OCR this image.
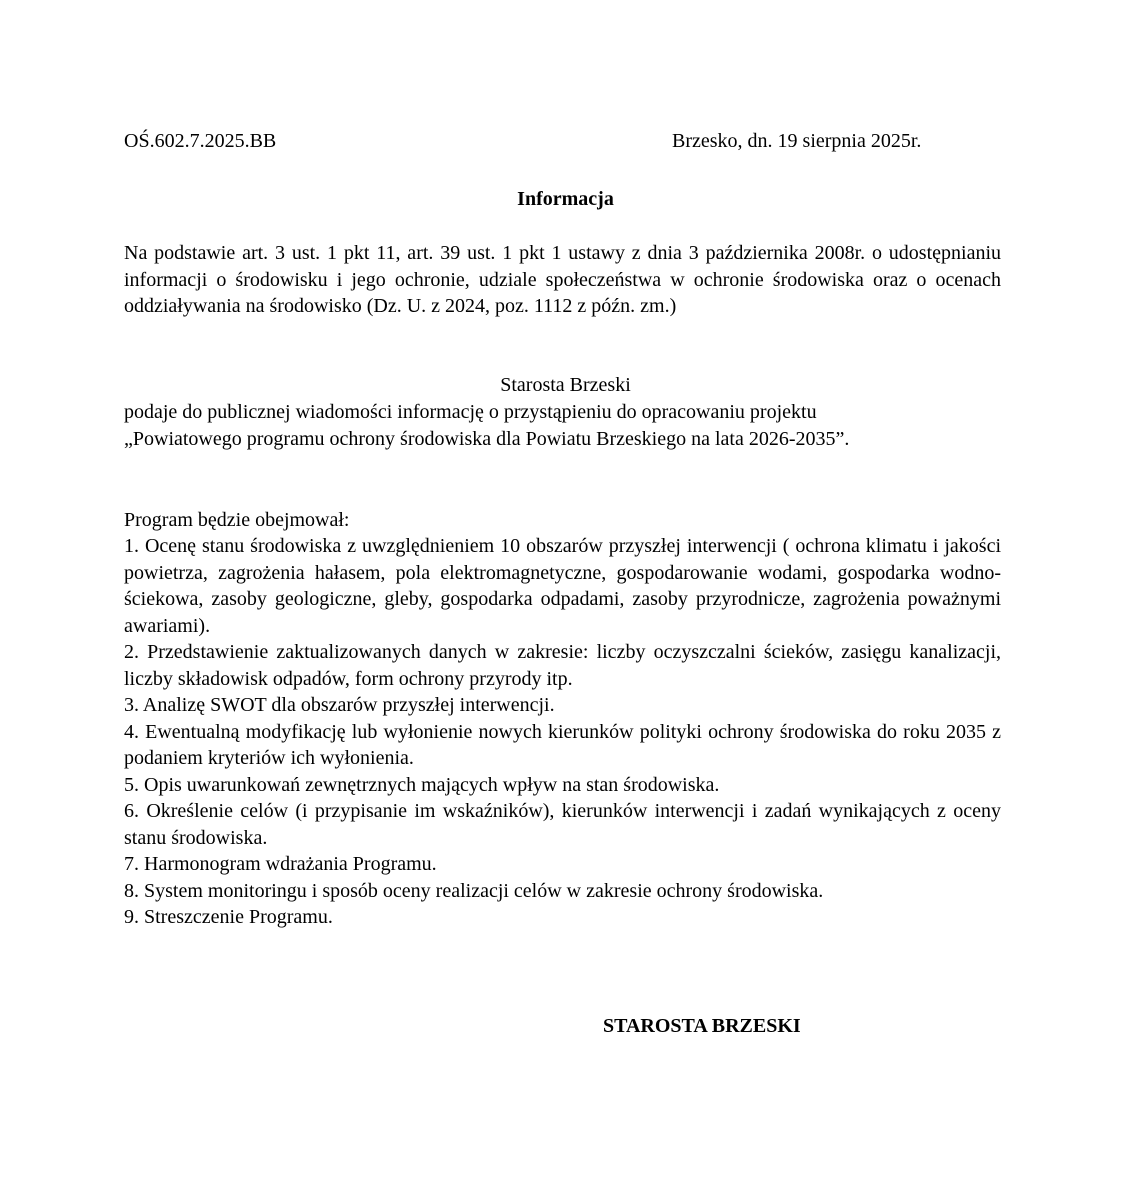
OŚ.602.7.2025.BB	Brzesko, dn. 19 sierpnia 2025r.
Informacja
Na podstawie art. 3 ust. 1 pkt 11, art. 39 ust. 1 pkt 1 ustawy z dnia 3 października 2008r. o udostępnianiu informacji o środowisku i jego ochronie, udziale społeczeństwa w ochronie środowiska oraz o ocenach oddziaływania na środowisko (Dz. U. z 2024, poz. 1112 z późn. zm.)
Starosta Brzeski
podaje do publicznej wiadomości informację o przystąpieniu do opracowaniu projektu
„Powiatowego programu ochrony środowiska dla Powiatu Brzeskiego na lata 2026-2035”.
Program będzie obejmował:
1. Ocenę stanu środowiska z uwzględnieniem 10 obszarów przyszłej interwencji ( ochrona klimatu i jakości powietrza, zagrożenia hałasem, pola elektromagnetyczne, gospodarowanie wodami, gospodarka wodno-ściekowa, zasoby geologiczne, gleby, gospodarka odpadami, zasoby przyrodnicze, zagrożenia poważnymi awariami).
2. Przedstawienie zaktualizowanych danych w zakresie: liczby oczyszczalni ścieków, zasięgu kanalizacji, liczby składowisk odpadów, form ochrony przyrody itp.
3. Analizę SWOT dla obszarów przyszłej interwencji.
4. Ewentualną modyfikację lub wyłonienie nowych kierunków polityki ochrony środowiska do roku 2035 z podaniem kryteriów ich wyłonienia.
5. Opis uwarunkowań zewnętrznych mających wpływ na stan środowiska.
6. Określenie celów (i przypisanie im wskaźników), kierunków interwencji i zadań wynikających z oceny stanu środowiska.
7. Harmonogram wdrażania Programu.
8. System monitoringu i sposób oceny realizacji celów w zakresie ochrony środowiska.
9. Streszczenie Programu.
STAROSTA BRZESKI
